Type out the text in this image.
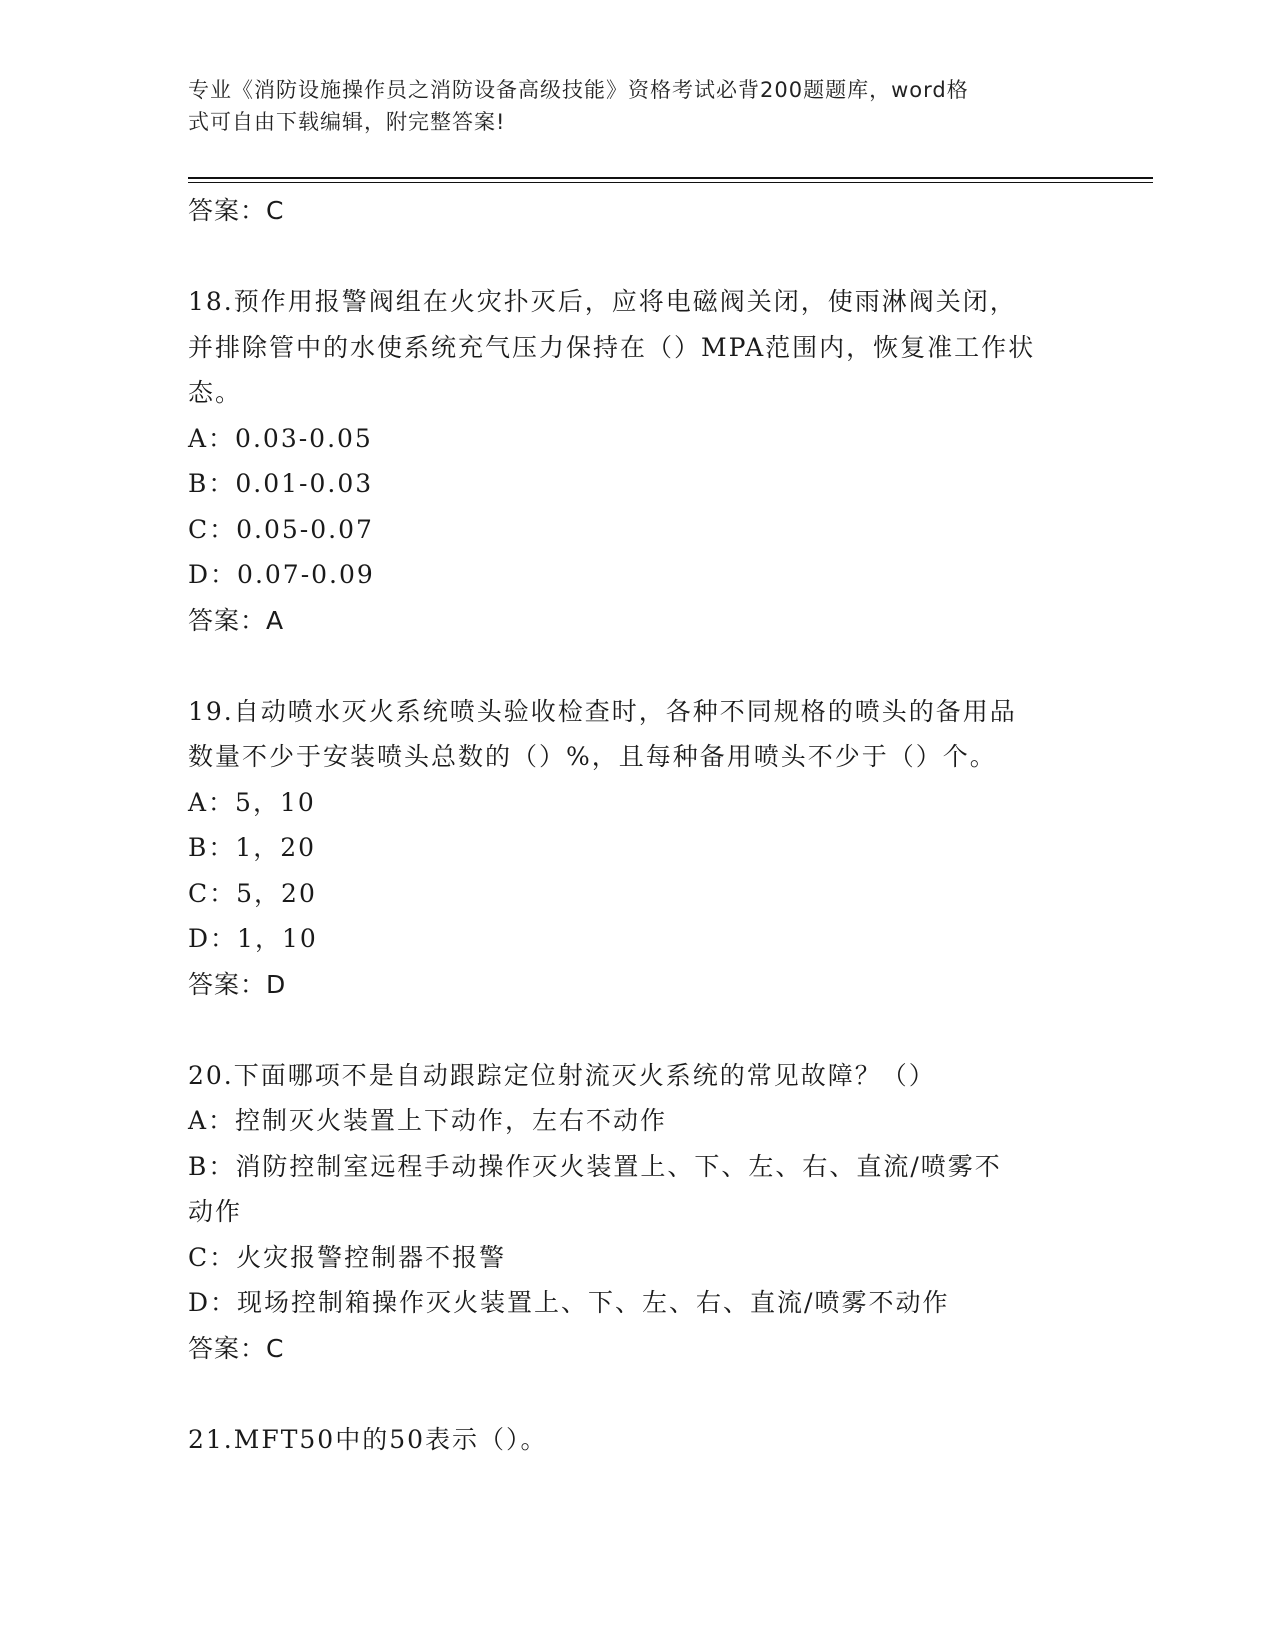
专业《消防设施操作员之消防设备高级技能》资格考试必背200题题库，word格
式可自由下载编辑，附完整答案!
答案：C
18.预作用报警阀组在火灾扑灭后，应将电磁阀关闭，使雨淋阀关闭，
并排除管中的水使系统充气压力保持在（）MPA范围内，恢复准工作状
态。
A：0.03-0.05
B：0.01-0.03
C：0.05-0.07
D：0.07-0.09
答案：A
19.自动喷水灭火系统喷头验收检查时，各种不同规格的喷头的备用品
数量不少于安装喷头总数的（）%，且每种备用喷头不少于（）个。
A：5，10
B：1，20
C：5，20
D：1，10
答案：D
20.下面哪项不是自动跟踪定位射流灭火系统的常见故障？（）
A：控制灭火装置上下动作，左右不动作
B：消防控制室远程手动操作灭火装置上、下、左、右、直流/喷雾不
动作
C：火灾报警控制器不报警
D：现场控制箱操作灭火装置上、下、左、右、直流/喷雾不动作
答案：C
21.MFT50中的50表示（）。
